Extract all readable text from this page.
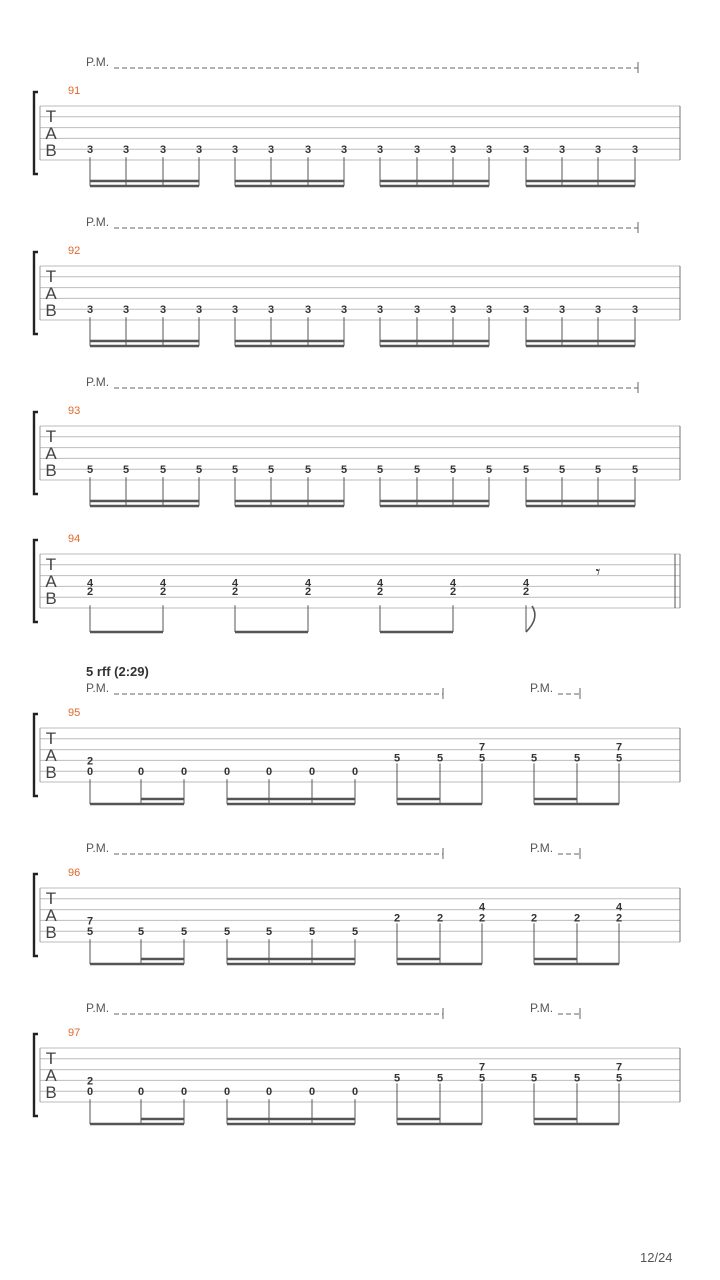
T
A
B
91
P.M.
3	3	3	3	3	3	3	3	3	3	3	3	3	3	3	3
T
A
B
92
P.M.
3	3	3	3	3	3	3	3	3	3	3	3	3	3	3	3
T
A
B
93
P.M.
5	5	5	5	5	5	5	5	5	5	5	5	5	5	5	5
T
A
B
94
4
2
4
2
4
2
4
2
4
2
4
2
4
2
𝄾
T
A
B
95
5 rff (2:29)
P.M.	P.M.
2
0	0	0	0	0	0	0
5	5
7
5	5	5
7
5
T
A
B
96
P.M.	P.M.
7
5	5	5	5	5	5	5
2	2
4
2	2	2
4
2
T
A
B
97
P.M.	P.M.
2
0	0	0	0	0	0	0
5	5
7
5	5	5
7
5
12/24
